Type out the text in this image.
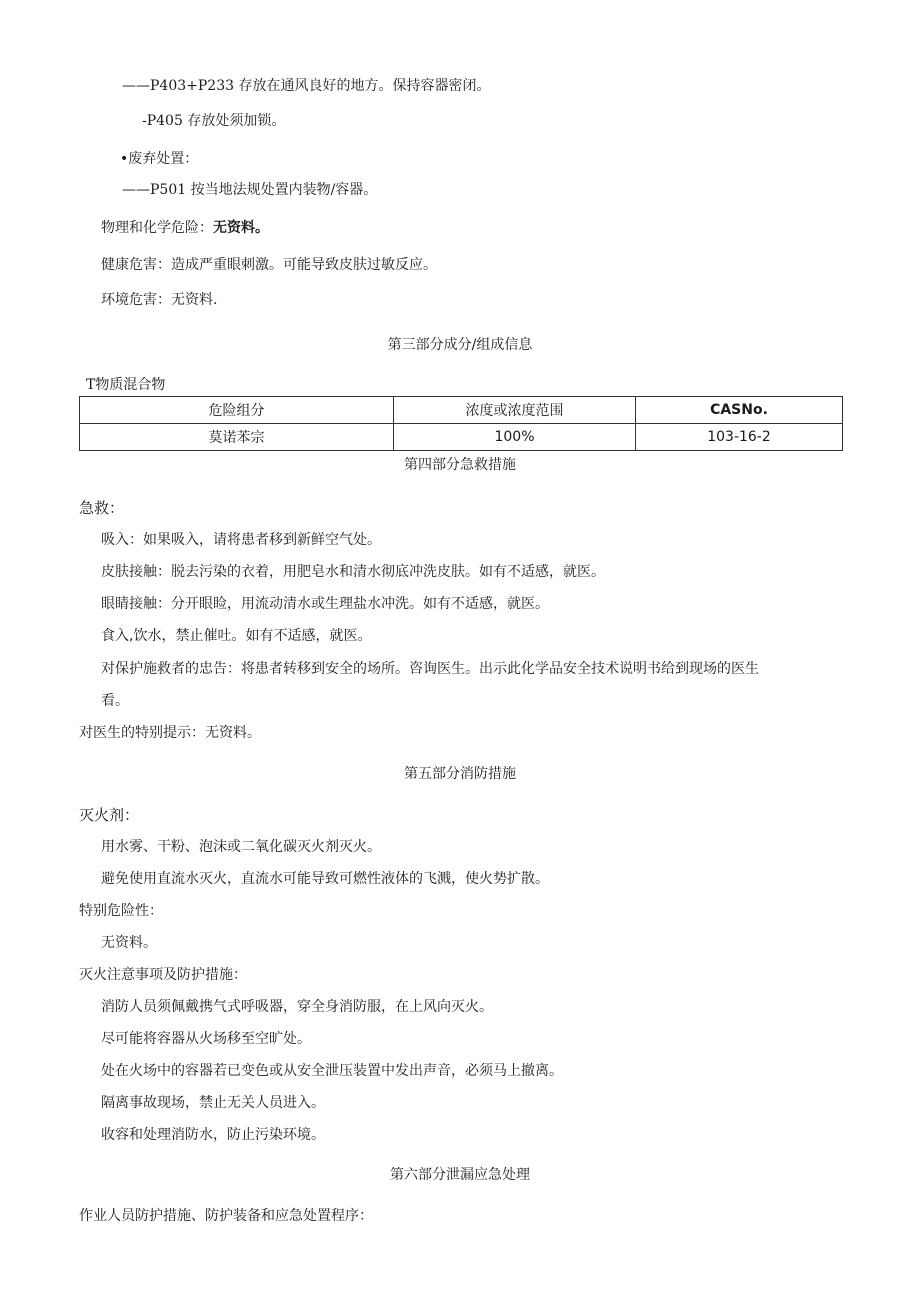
——P403+P233 存放在通风良好的地方。保持容器密闭。
-P405 存放处须加锁。
•废弃处置：
——P501 按当地法规处置内装物/容器。
物理和化学危险：无资料。
健康危害：造成严重眼刺激。可能导致皮肤过敏反应。
环境危害：无资料.
第三部分成分/组成信息
T物质混合物
危险组分	浓度或浓度范围	CASNo.
莫诺苯宗	100%	103-16-2
第四部分急救措施
急救：
吸入：如果吸入，请将患者移到新鲜空气处。
皮肤接触：脱去污染的衣着，用肥皂水和清水彻底冲洗皮肤。如有不适感，就医。
眼睛接触：分开眼睑，用流动清水或生理盐水冲洗。如有不适感，就医。
食入,饮水，禁止催吐。如有不适感，就医。
对保护施救者的忠告：将患者转移到安全的场所。咨询医生。出示此化学品安全技术说明书给到现场的医生
看。
对医生的特别提示：无资料。
第五部分消防措施
灭火剂：
用水雾、干粉、泡沫或二氧化碳灭火剂灭火。
避免使用直流水灭火，直流水可能导致可燃性液体的飞溅，使火势扩散。
特别危险性：
无资料。
灭火注意事项及防护措施：
消防人员须佩戴携气式呼吸器，穿全身消防服，在上风向灭火。
尽可能将容器从火场移至空旷处。
处在火场中的容器若已变色或从安全泄压装置中发出声音，必须马上撤离。
隔离事故现场，禁止无关人员进入。
收容和处理消防水，防止污染环境。
第六部分泄漏应急处理
作业人员防护措施、防护装备和应急处置程序：
